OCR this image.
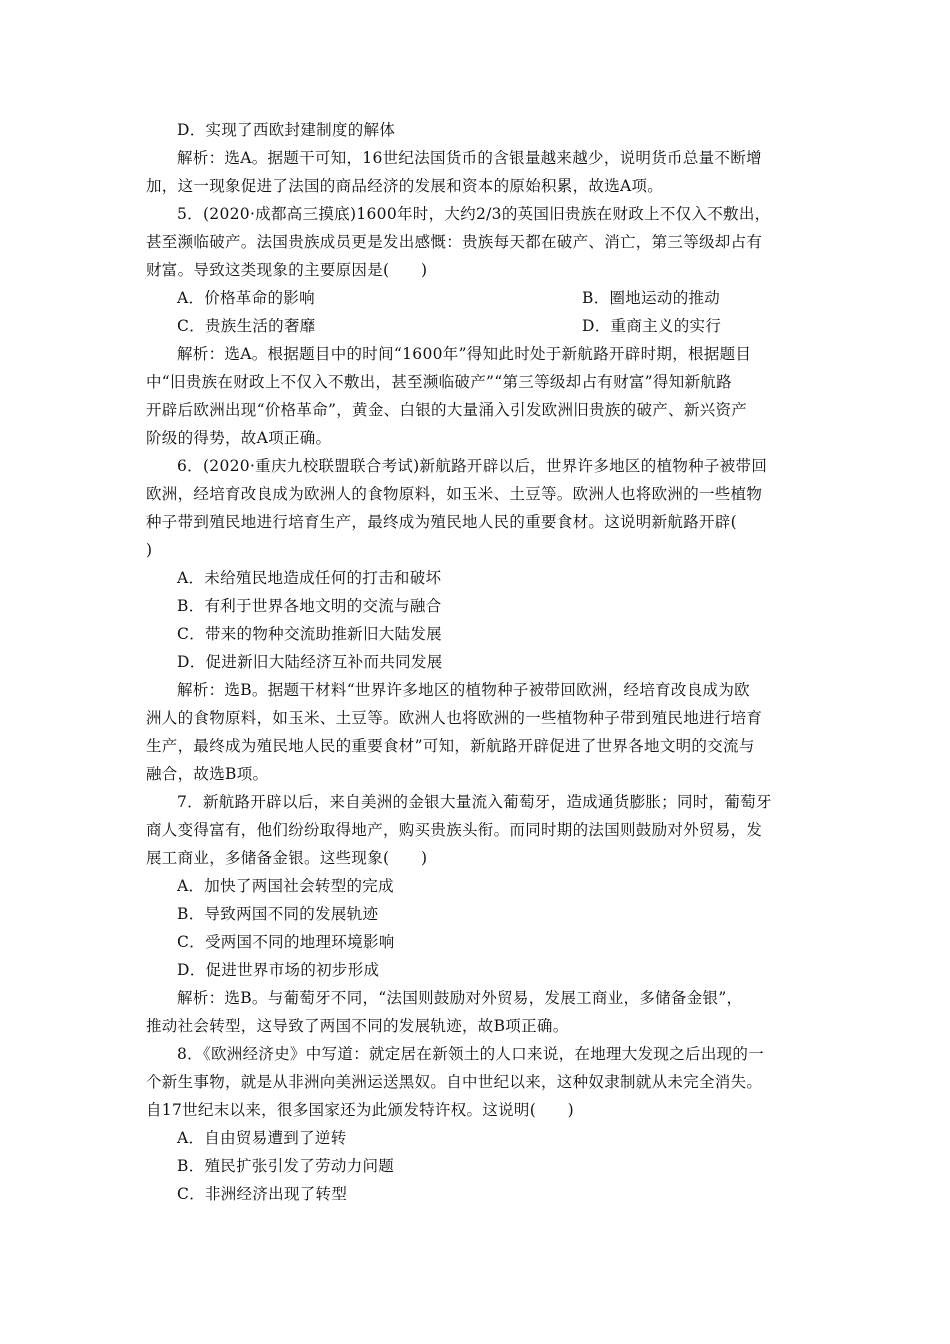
D．实现了西欧封建制度的解体
解析：选A。据题干可知，16世纪法国货币的含银量越来越少，说明货币总量不断增
加，这一现象促进了法国的商品经济的发展和资本的原始积累，故选A项。
5．(2020·成都高三摸底)1600年时，大约2/3的英国旧贵族在财政上不仅入不敷出，
甚至濒临破产。法国贵族成员更是发出感慨：贵族每天都在破产、消亡，第三等级却占有
财富。导致这类现象的主要原因是(　　)
A．价格革命的影响	B．圈地运动的推动
C．贵族生活的奢靡	D．重商主义的实行
解析：选A。根据题目中的时间“1600年”得知此时处于新航路开辟时期，根据题目
中“旧贵族在财政上不仅入不敷出，甚至濒临破产”“第三等级却占有财富”得知新航路
开辟后欧洲出现“价格革命”，黄金、白银的大量涌入引发欧洲旧贵族的破产、新兴资产
阶级的得势，故A项正确。
6．(2020·重庆九校联盟联合考试)新航路开辟以后，世界许多地区的植物种子被带回
欧洲，经培育改良成为欧洲人的食物原料，如玉米、土豆等。欧洲人也将欧洲的一些植物
种子带到殖民地进行培育生产，最终成为殖民地人民的重要食材。这说明新航路开辟(
)
A．未给殖民地造成任何的打击和破坏
B．有利于世界各地文明的交流与融合
C．带来的物种交流助推新旧大陆发展
D．促进新旧大陆经济互补而共同发展
解析：选B。据题干材料“世界许多地区的植物种子被带回欧洲，经培育改良成为欧
洲人的食物原料，如玉米、土豆等。欧洲人也将欧洲的一些植物种子带到殖民地进行培育
生产，最终成为殖民地人民的重要食材”可知，新航路开辟促进了世界各地文明的交流与
融合，故选B项。
7．新航路开辟以后，来自美洲的金银大量流入葡萄牙，造成通货膨胀；同时，葡萄牙
商人变得富有，他们纷纷取得地产，购买贵族头衔。而同时期的法国则鼓励对外贸易，发
展工商业，多储备金银。这些现象(　　)
A．加快了两国社会转型的完成
B．导致两国不同的发展轨迹
C．受两国不同的地理环境影响
D．促进世界市场的初步形成
解析：选B。与葡萄牙不同，“法国则鼓励对外贸易，发展工商业，多储备金银”，
推动社会转型，这导致了两国不同的发展轨迹，故B项正确。
8．《欧洲经济史》中写道：就定居在新领土的人口来说，在地理大发现之后出现的一
个新生事物，就是从非洲向美洲运送黑奴。自中世纪以来，这种奴隶制就从未完全消失。
自17世纪末以来，很多国家还为此颁发特许权。这说明(　　)
A．自由贸易遭到了逆转
B．殖民扩张引发了劳动力问题
C．非洲经济出现了转型
